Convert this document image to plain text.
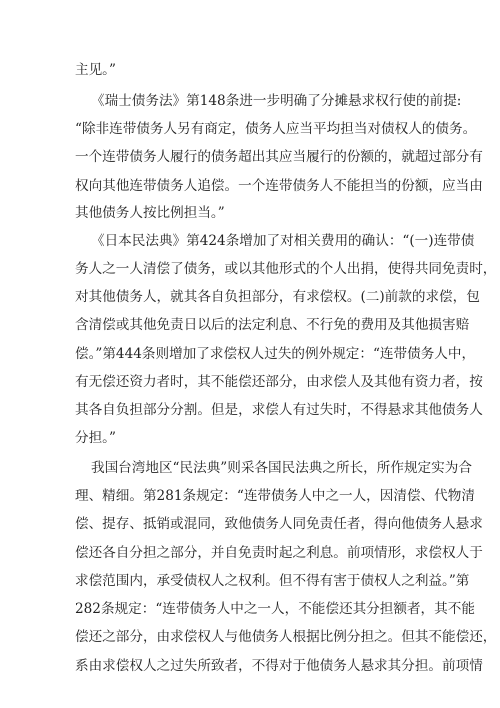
主见。”

《瑞士债务法》第148条进一步明确了分摊悬求权行使的前提:

“除非连带债务人另有商定，债务人应当平均担当对债权人的债务。

一个连带债务人履行的债务超出其应当履行的份额的，就超过部分有

权向其他连带债务人追偿。一个连带债务人不能担当的份额，应当由

其他债务人按比例担当。”

《日本民法典》第424条增加了对相关费用的确认：“(一)连带债

务人之一人清偿了债务，或以其他形式的个人出捐，使得共同免责时，

对其他债务人，就其各自负担部分，有求偿权。(二)前款的求偿，包

含清偿或其他免责日以后的法定利息、不行免的费用及其他损害赔

偿。”第444条则增加了求偿权人过失的例外规定：“连带债务人中，

有无偿还资力者时，其不能偿还部分，由求偿人及其他有资力者，按

其各自负担部分分割。但是，求偿人有过失时，不得悬求其他债务人

分担。”

我国台湾地区“民法典”则采各国民法典之所长，所作规定实为合

理、精细。第281条规定：“连带债务人中之一人，因清偿、代物清

偿、提存、抵销或混同，致他债务人同免责任者，得向他债务人悬求

偿还各自分担之部分，并自免责时起之利息。前项情形，求偿权人于

求偿范围内，承受债权人之权利。但不得有害于债权人之利益。”第

282条规定：“连带债务人中之一人，不能偿还其分担额者，其不能

偿还之部分，由求偿权人与他债务人根据比例分担之。但其不能偿还，

系由求偿权人之过失所致者，不得对于他债务人悬求其分担。前项情
